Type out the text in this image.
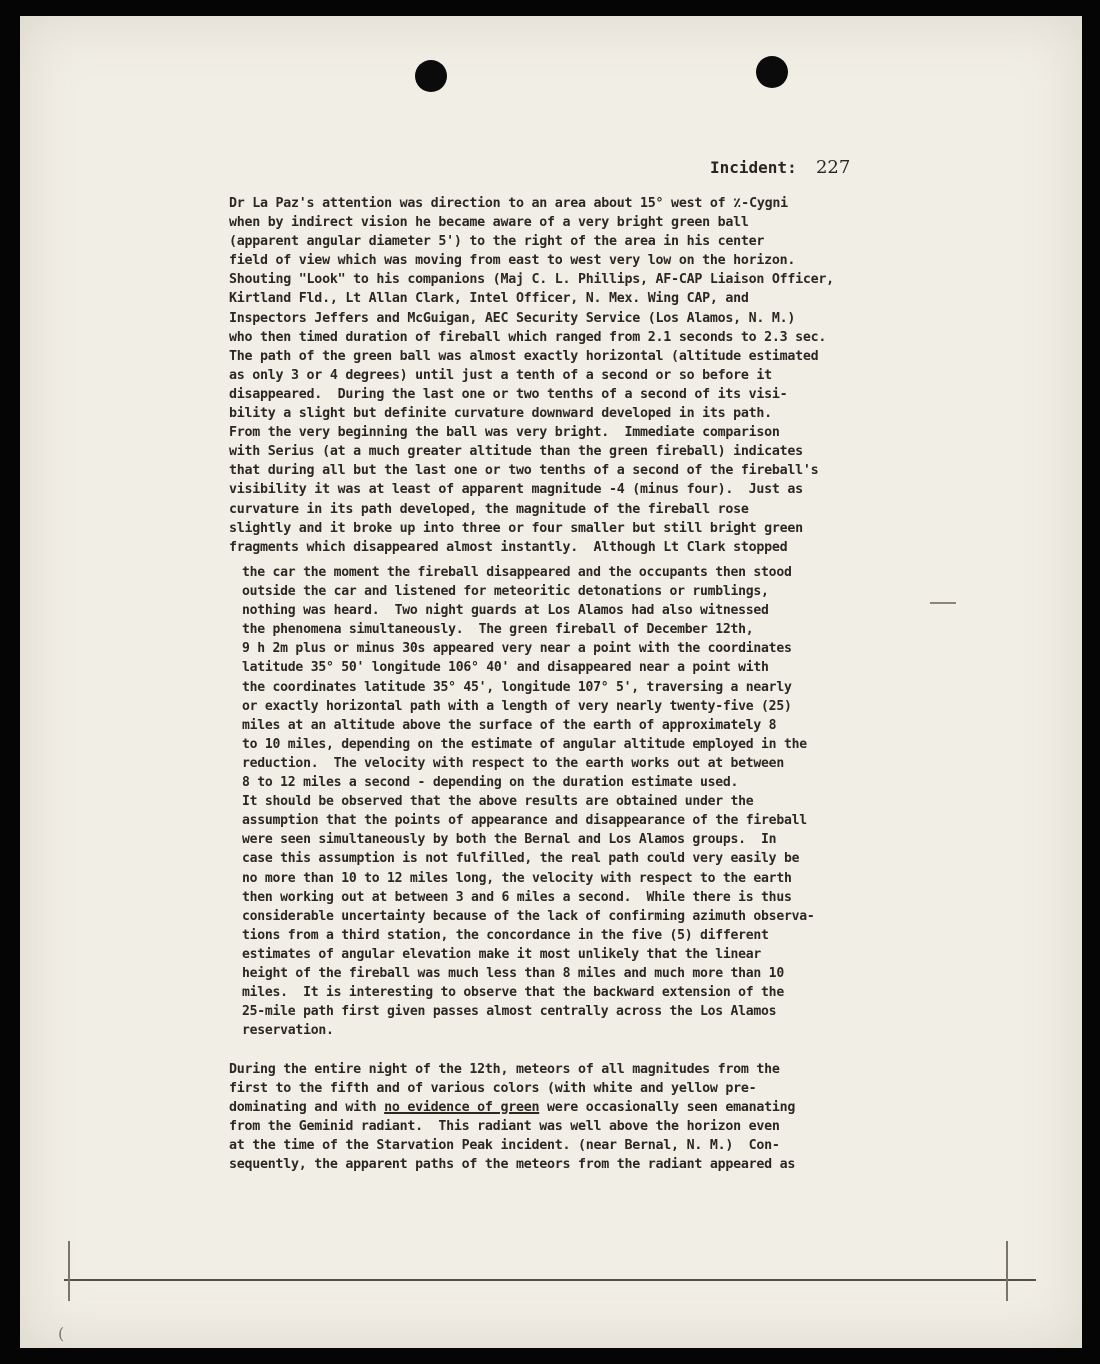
Incident: 227
Dr La Paz's attention was direction to an area about 15° west of ٪-Cygni
when by indirect vision he became aware of a very bright green ball
(apparent angular diameter 5') to the right of the area in his center
field of view which was moving from east to west very low on the horizon.
Shouting "Look" to his companions (Maj C. L. Phillips, AF-CAP Liaison Officer,
Kirtland Fld., Lt Allan Clark, Intel Officer, N. Mex. Wing CAP, and
Inspectors Jeffers and McGuigan, AEC Security Service (Los Alamos, N. M.)
who then timed duration of fireball which ranged from 2.1 seconds to 2.3 sec.
The path of the green ball was almost exactly horizontal (altitude estimated
as only 3 or 4 degrees) until just a tenth of a second or so before it
disappeared.  During the last one or two tenths of a second of its visi-
bility a slight but definite curvature downward developed in its path.
From the very beginning the ball was very bright.  Immediate comparison
with Serius (at a much greater altitude than the green fireball) indicates
that during all but the last one or two tenths of a second of the fireball's
visibility it was at least of apparent magnitude -4 (minus four).  Just as
curvature in its path developed, the magnitude of the fireball rose
slightly and it broke up into three or four smaller but still bright green
fragments which disappeared almost instantly.  Although Lt Clark stopped
the car the moment the fireball disappeared and the occupants then stood
outside the car and listened for meteoritic detonations or rumblings,
nothing was heard.  Two night guards at Los Alamos had also witnessed
the phenomena simultaneously.  The green fireball of December 12th,
9 h 2m plus or minus 30s appeared very near a point with the coordinates
latitude 35° 50' longitude 106° 40' and disappeared near a point with
the coordinates latitude 35° 45', longitude 107° 5', traversing a nearly
or exactly horizontal path with a length of very nearly twenty-five (25)
miles at an altitude above the surface of the earth of approximately 8
to 10 miles, depending on the estimate of angular altitude employed in the
reduction.  The velocity with respect to the earth works out at between
8 to 12 miles a second - depending on the duration estimate used.
It should be observed that the above results are obtained under the
assumption that the points of appearance and disappearance of the fireball
were seen simultaneously by both the Bernal and Los Alamos groups.  In
case this assumption is not fulfilled, the real path could very easily be
no more than 10 to 12 miles long, the velocity with respect to the earth
then working out at between 3 and 6 miles a second.  While there is thus
considerable uncertainty because of the lack of confirming azimuth observa-
tions from a third station, the concordance in the five (5) different
estimates of angular elevation make it most unlikely that the linear
height of the fireball was much less than 8 miles and much more than 10
miles.  It is interesting to observe that the backward extension of the
25-mile path first given passes almost centrally across the Los Alamos
reservation.
During the entire night of the 12th, meteors of all magnitudes from the
first to the fifth and of various colors (with white and yellow pre-
dominating and with no evidence of green were occasionally seen emanating
from the Geminid radiant.  This radiant was well above the horizon even
at the time of the Starvation Peak incident. (near Bernal, N. M.)  Con-
sequently, the apparent paths of the meteors from the radiant appeared as
(
